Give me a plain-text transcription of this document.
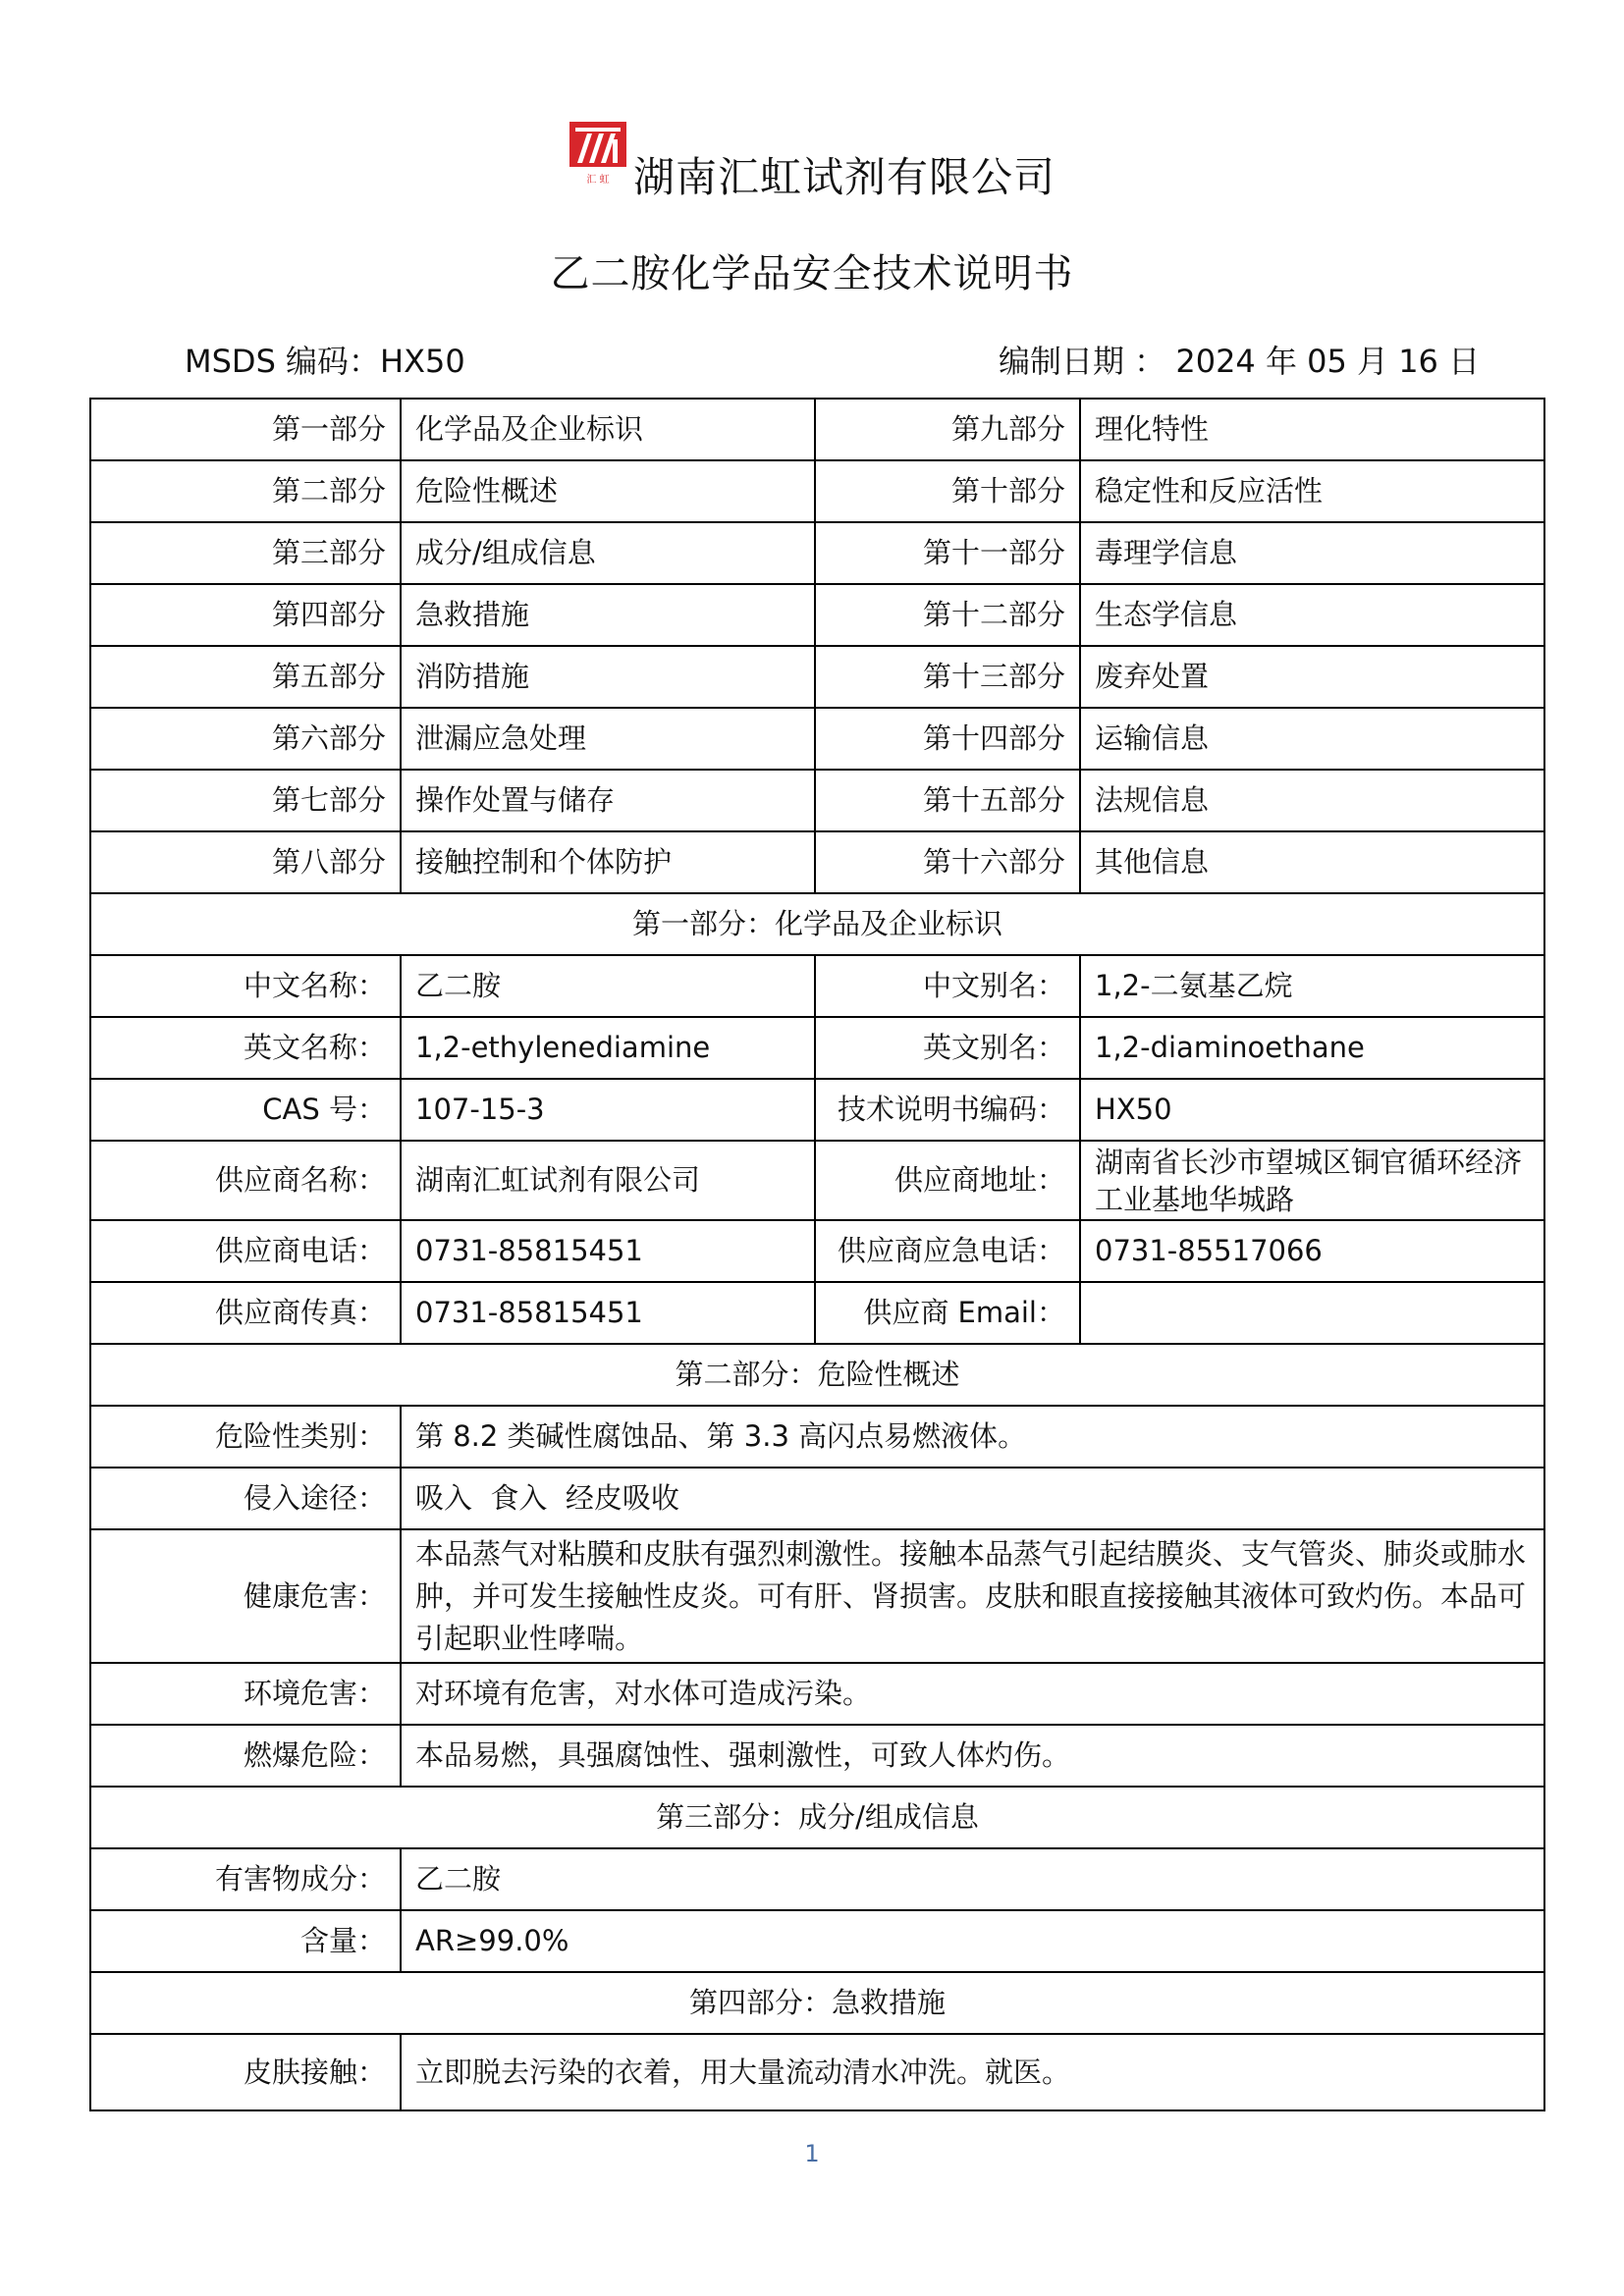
汇 虹 湖南汇虹试剂有限公司
乙二胺化学品安全技术说明书
MSDS 编码：HX50	编制日期 ： 2024 年 05 月 16 日
第一部分	化学品及企业标识	第九部分	理化特性
第二部分	危险性概述	第十部分	稳定性和反应活性
第三部分	成分/组成信息	第十一部分	毒理学信息
第四部分	急救措施	第十二部分	生态学信息
第五部分	消防措施	第十三部分	废弃处置
第六部分	泄漏应急处理	第十四部分	运输信息
第七部分	操作处置与储存	第十五部分	法规信息
第八部分	接触控制和个体防护	第十六部分	其他信息
第一部分：化学品及企业标识			
中文名称：	乙二胺	中文别名：	1,2-二氨基乙烷
英文名称：	1,2-ethylenediamine	英文别名：	1,2-diaminoethane
CAS 号：	107-15-3	技术说明书编码：	HX50
供应商名称：	湖南汇虹试剂有限公司	供应商地址：	湖南省长沙市望城区铜官循环经济工业基地华城路
供应商电话：	0731-85815451	供应商应急电话：	0731-85517066
供应商传真：	0731-85815451	供应商 Email：	
第二部分：危险性概述			
危险性类别：	第 8.2 类碱性腐蚀品、第 3.3 高闪点易燃液体。		
侵入途径：	吸入  食入  经皮吸收		
健康危害：	本品蒸气对粘膜和皮肤有强烈刺激性。接触本品蒸气引起结膜炎、支气管炎、肺炎或肺水肿，并可发生接触性皮炎。可有肝、肾损害。皮肤和眼直接接触其液体可致灼伤。本品可引起职业性哮喘。		
环境危害：	对环境有危害，对水体可造成污染。		
燃爆危险：	本品易燃，具强腐蚀性、强刺激性，可致人体灼伤。		
第三部分：成分/组成信息			
有害物成分：	乙二胺		
含量：	AR≥99.0%		
第四部分：急救措施			
皮肤接触：	立即脱去污染的衣着，用大量流动清水冲洗。就医。		
1
